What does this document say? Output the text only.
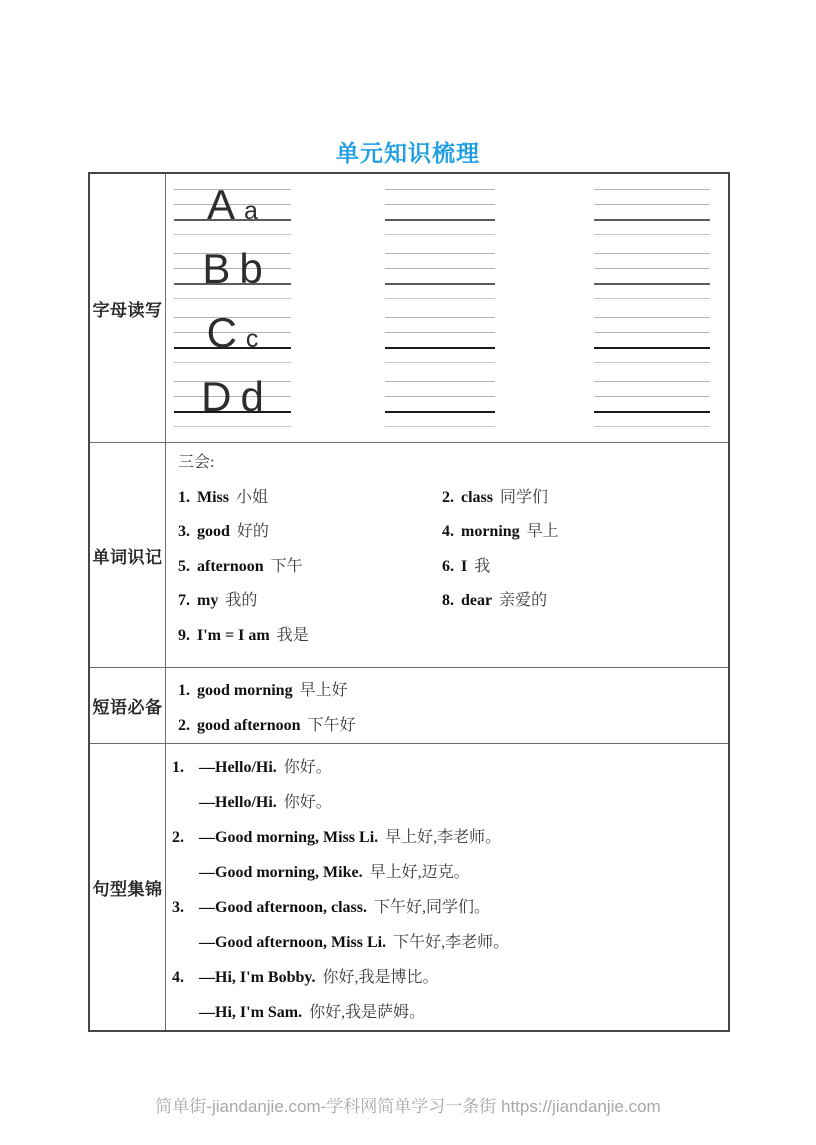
单元知识梳理
字母读写
Aa
B b
Cc
D d
单词识记
三会:
1. Miss 小姐	2. class 同学们
3. good 好的	4. morning 早上
5. afternoon 下午	6. I 我
7. my 我的	8. dear 亲爱的
9. I'm = I am 我是
短语必备
1. good morning 早上好
2. good afternoon 下午好
句型集锦
1. —Hello/Hi. 你好。
—Hello/Hi. 你好。
2. —Good morning, Miss Li. 早上好,李老师。
—Good morning, Mike. 早上好,迈克。
3. —Good afternoon, class. 下午好,同学们。
—Good afternoon, Miss Li. 下午好,李老师。
4. —Hi, I'm Bobby. 你好,我是博比。
—Hi, I'm Sam. 你好,我是萨姆。
简单街-jiandanjie.com-学科网简单学习一条街 https://jiandanjie.com
